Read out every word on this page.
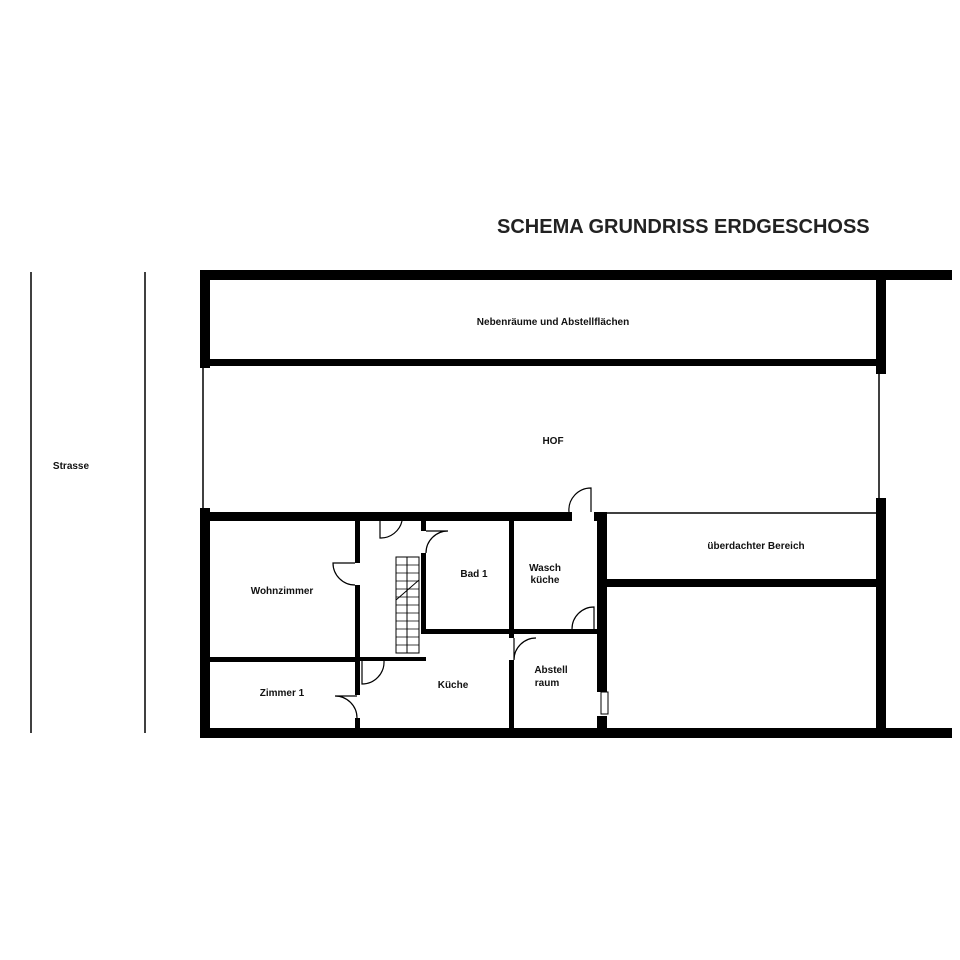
SCHEMA GRUNDRISS ERDGESCHOSS
Strasse
Nebenräume und Abstellflächen
HOF
überdachter Bereich
Wohnzimmer
Zimmer 1
Bad 1
Wasch
küche
Küche
Abstell
raum
